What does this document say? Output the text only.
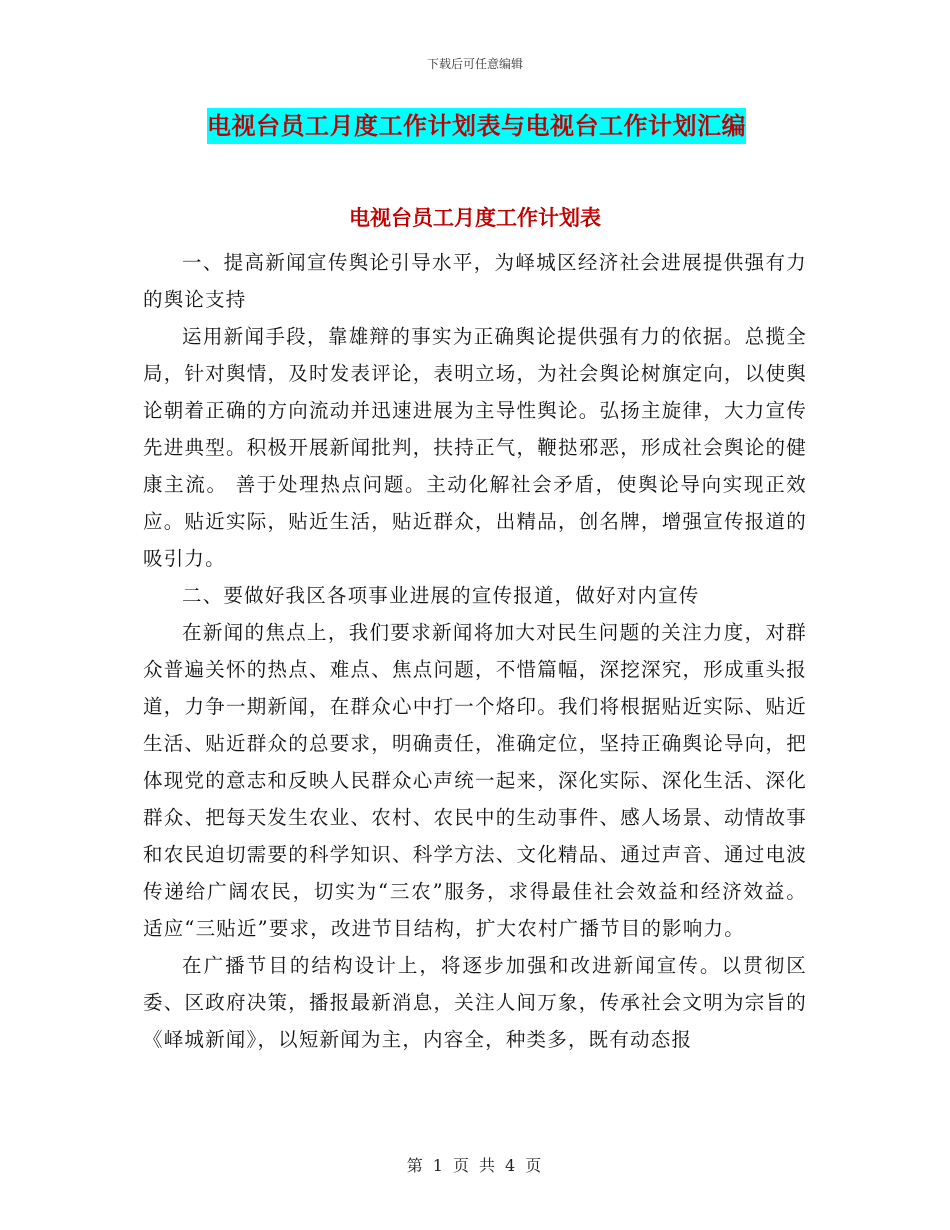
下载后可任意编辑
电视台员工月度工作计划表与电视台工作计划汇编
电视台员工月度工作计划表

一、提高新闻宣传舆论引导水平，为峄城区经济社会进展提供强有力的舆论支持

运用新闻手段，靠雄辩的事实为正确舆论提供强有力的依据。总揽全局，针对舆情，及时发表评论，表明立场，为社会舆论树旗定向，以使舆论朝着正确的方向流动并迅速进展为主导性舆论。弘扬主旋律，大力宣传先进典型。积极开展新闻批判，扶持正气，鞭挞邪恶，形成社会舆论的健康主流。 善于处理热点问题。主动化解社会矛盾，使舆论导向实现正效应。贴近实际，贴近生活，贴近群众，出精品，创名牌，增强宣传报道的吸引力。

二、要做好我区各项事业进展的宣传报道，做好对内宣传

在新闻的焦点上，我们要求新闻将加大对民生问题的关注力度，对群众普遍关怀的热点、难点、焦点问题，不惜篇幅，深挖深究，形成重头报道，力争一期新闻，在群众心中打一个烙印。我们将根据贴近实际、贴近生活、贴近群众的总要求，明确责任，准确定位，坚持正确舆论导向，把体现党的意志和反映人民群众心声统一起来，深化实际、深化生活、深化群众、把每天发生农业、农村、农民中的生动事件、感人场景、动情故事和农民迫切需要的科学知识、科学方法、文化精品、通过声音、通过电波传递给广阔农民，切实为“三农”服务，求得最佳社会效益和经济效益。适应“三贴近”要求，改进节目结构，扩大农村广播节目的影响力。

在广播节目的结构设计上，将逐步加强和改进新闻宣传。以贯彻区委、区政府决策，播报最新消息，关注人间万象，传承社会文明为宗旨的《峄城新闻》，以短新闻为主，内容全，种类多，既有动态报

第 1 页 共 4 页
